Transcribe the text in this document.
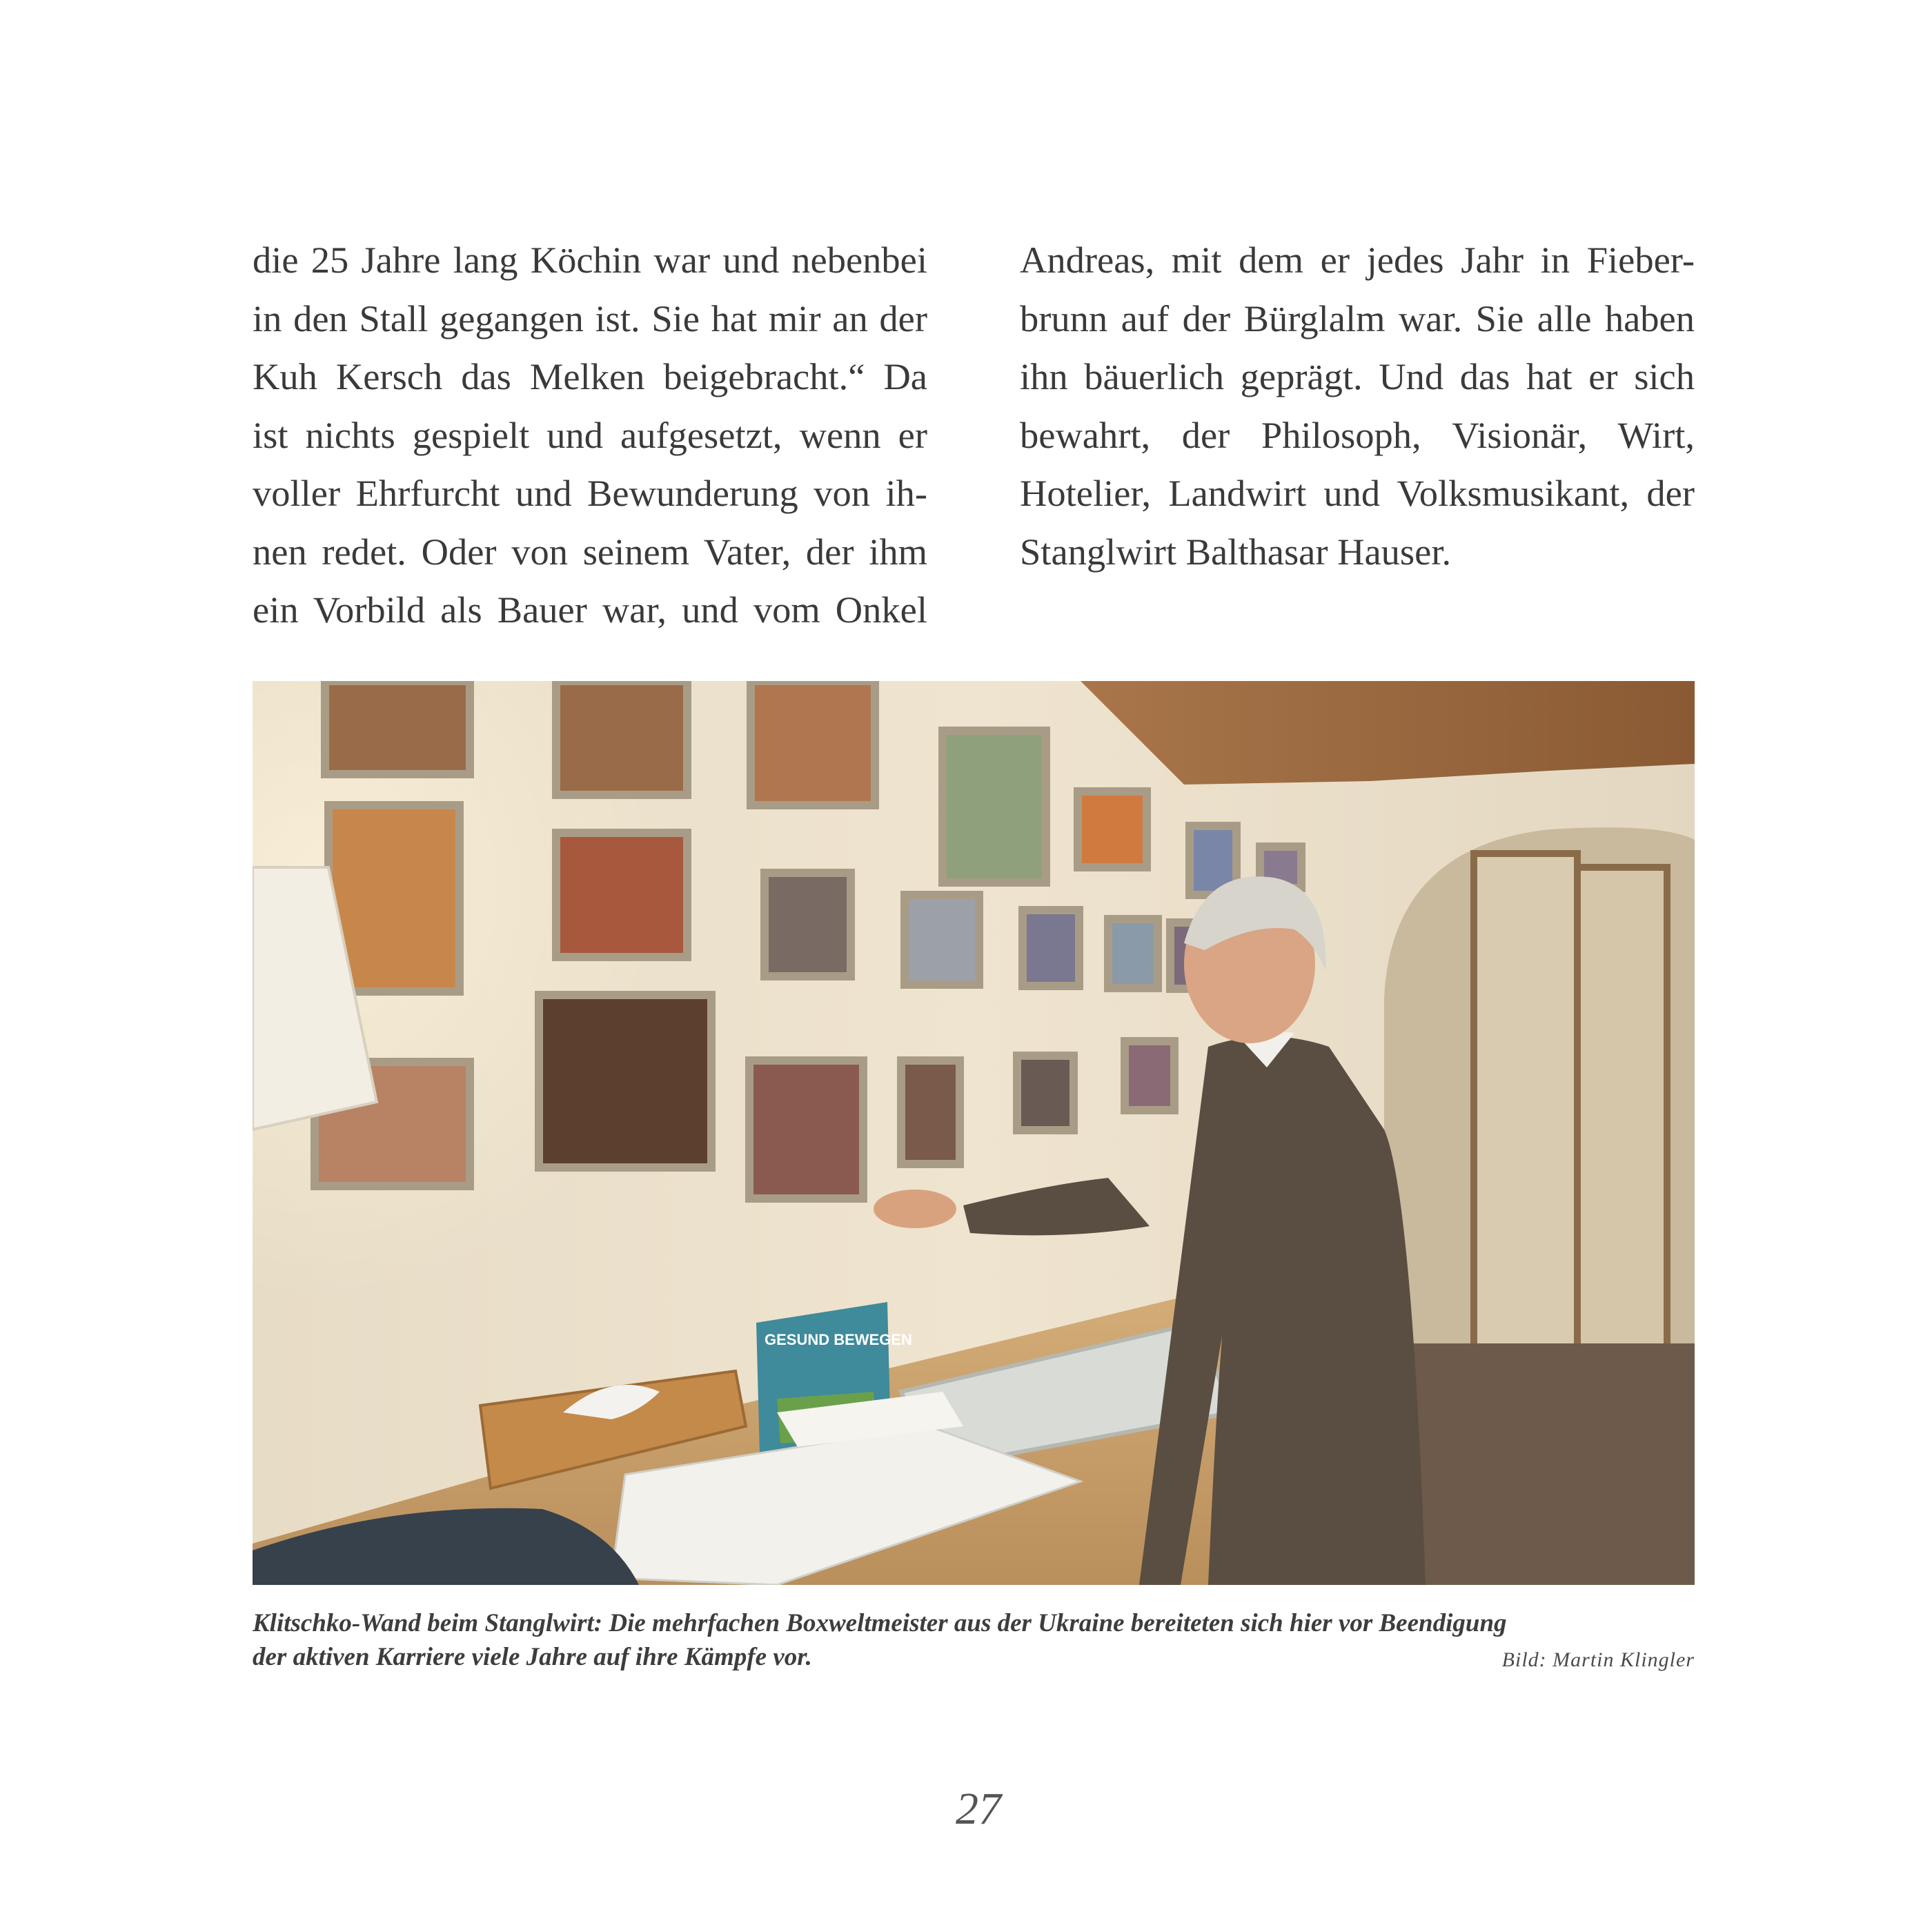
die 25 Jahre lang Köchin war und nebenbei
in den Stall gegangen ist. Sie hat mir an der
Kuh Kersch das Melken beigebracht.“ Da
ist nichts gespielt und aufgesetzt, wenn er
voller Ehrfurcht und Bewunderung von ih-
nen redet. Oder von seinem Vater, der ihm
ein Vorbild als Bauer war, und vom Onkel
Andreas, mit dem er jedes Jahr in Fieber-
brunn auf der Bürglalm war. Sie alle haben
ihn bäuerlich geprägt. Und das hat er sich
bewahrt, der Philosoph, Visionär, Wirt,
Hotelier, Landwirt und Volksmusikant, der
Stanglwirt Balthasar Hauser.
GESUND BEWEGEN
Klitschko-Wand beim Stanglwirt: Die mehrfachen Boxweltmeister aus der Ukraine bereiteten sich hier vor Beendigung
der aktiven Karriere viele Jahre auf ihre Kämpfe vor.	Bild: Martin Klingler
27
